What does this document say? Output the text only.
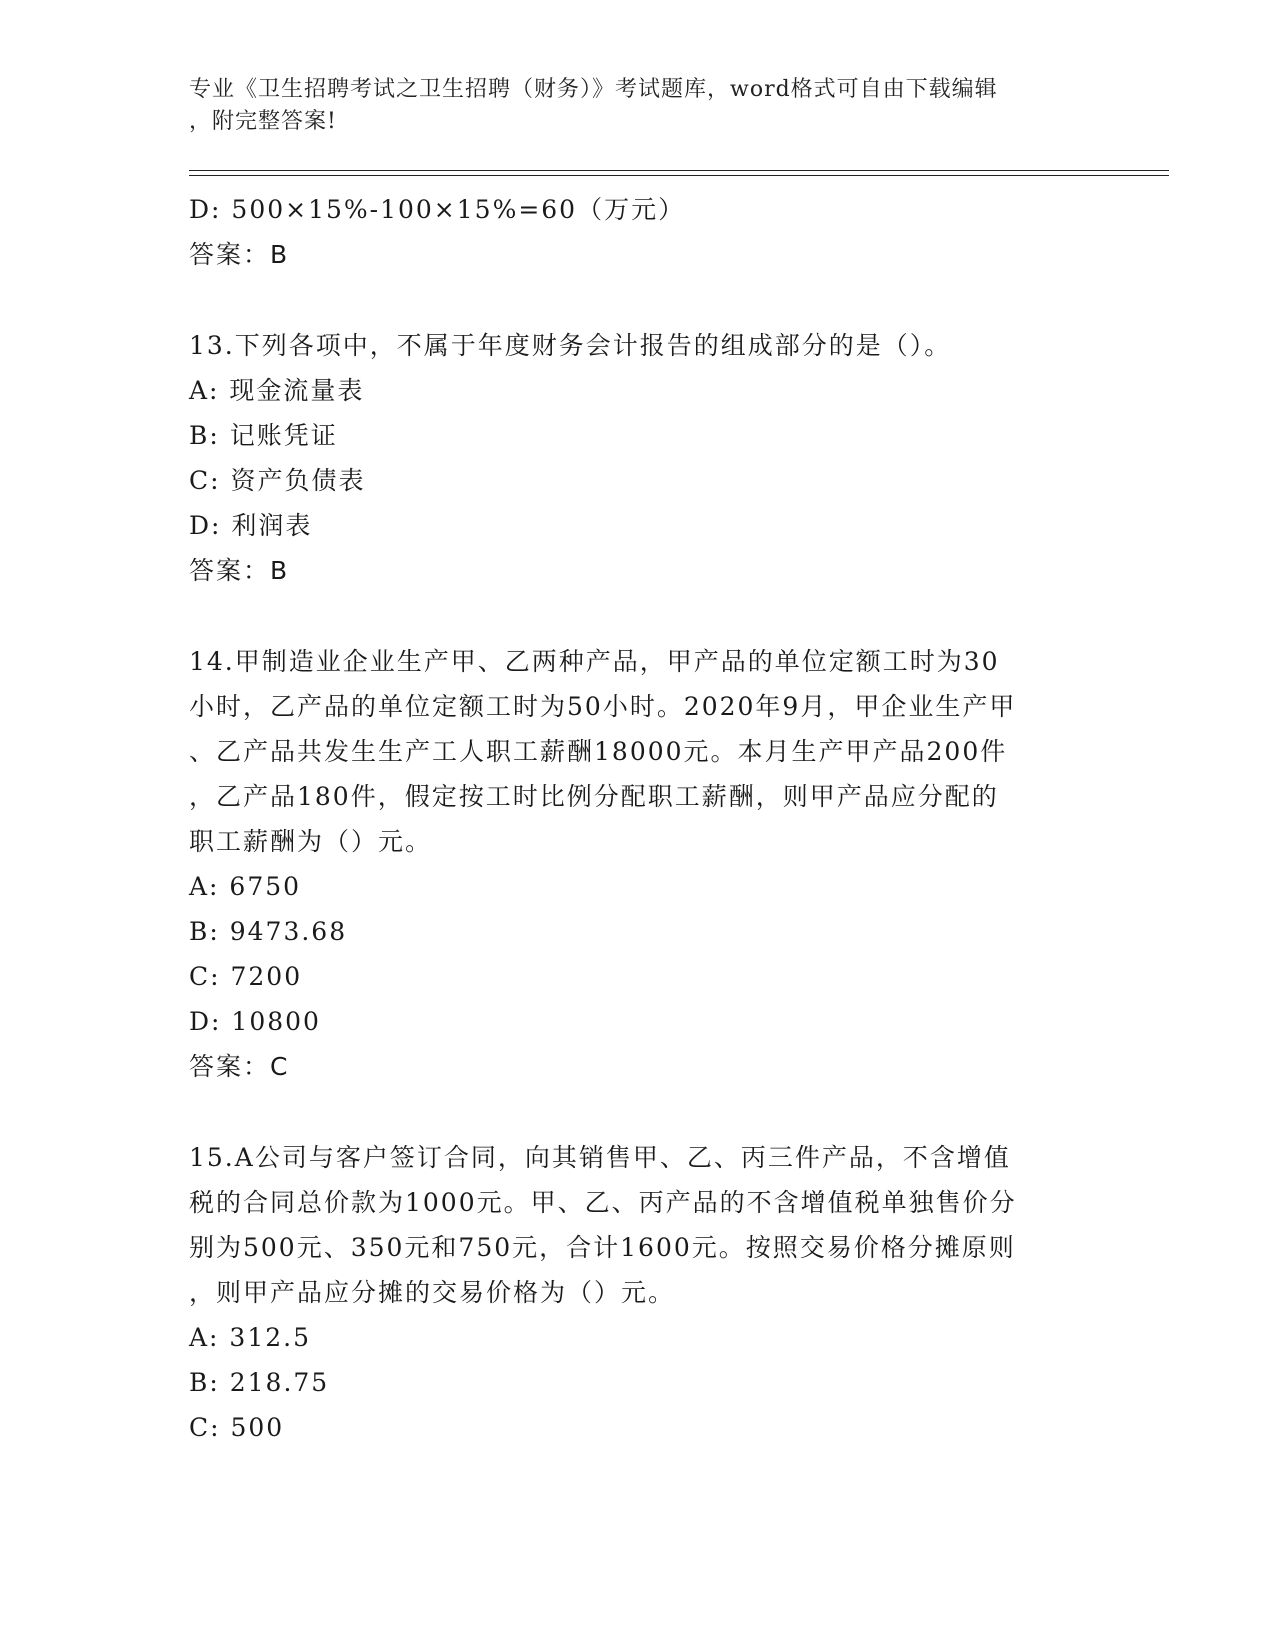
专业《卫生招聘考试之卫生招聘（财务）》考试题库，word格式可自由下载编辑
，附完整答案!
D: 500×15%-100×15%=60（万元）
答案：B
13.下列各项中，不属于年度财务会计报告的组成部分的是（）。
A: 现金流量表
B: 记账凭证
C: 资产负债表
D: 利润表
答案：B
14.甲制造业企业生产甲、乙两种产品，甲产品的单位定额工时为30
小时，乙产品的单位定额工时为50小时。2020年9月，甲企业生产甲
、乙产品共发生生产工人职工薪酬18000元。本月生产甲产品200件
，乙产品180件，假定按工时比例分配职工薪酬，则甲产品应分配的
职工薪酬为（）元。
A: 6750
B: 9473.68
C: 7200
D: 10800
答案：C
15.A公司与客户签订合同，向其销售甲、乙、丙三件产品，不含增值
税的合同总价款为1000元。甲、乙、丙产品的不含增值税单独售价分
别为500元、350元和750元，合计1600元。按照交易价格分摊原则
，则甲产品应分摊的交易价格为（）元。
A: 312.5
B: 218.75
C: 500
